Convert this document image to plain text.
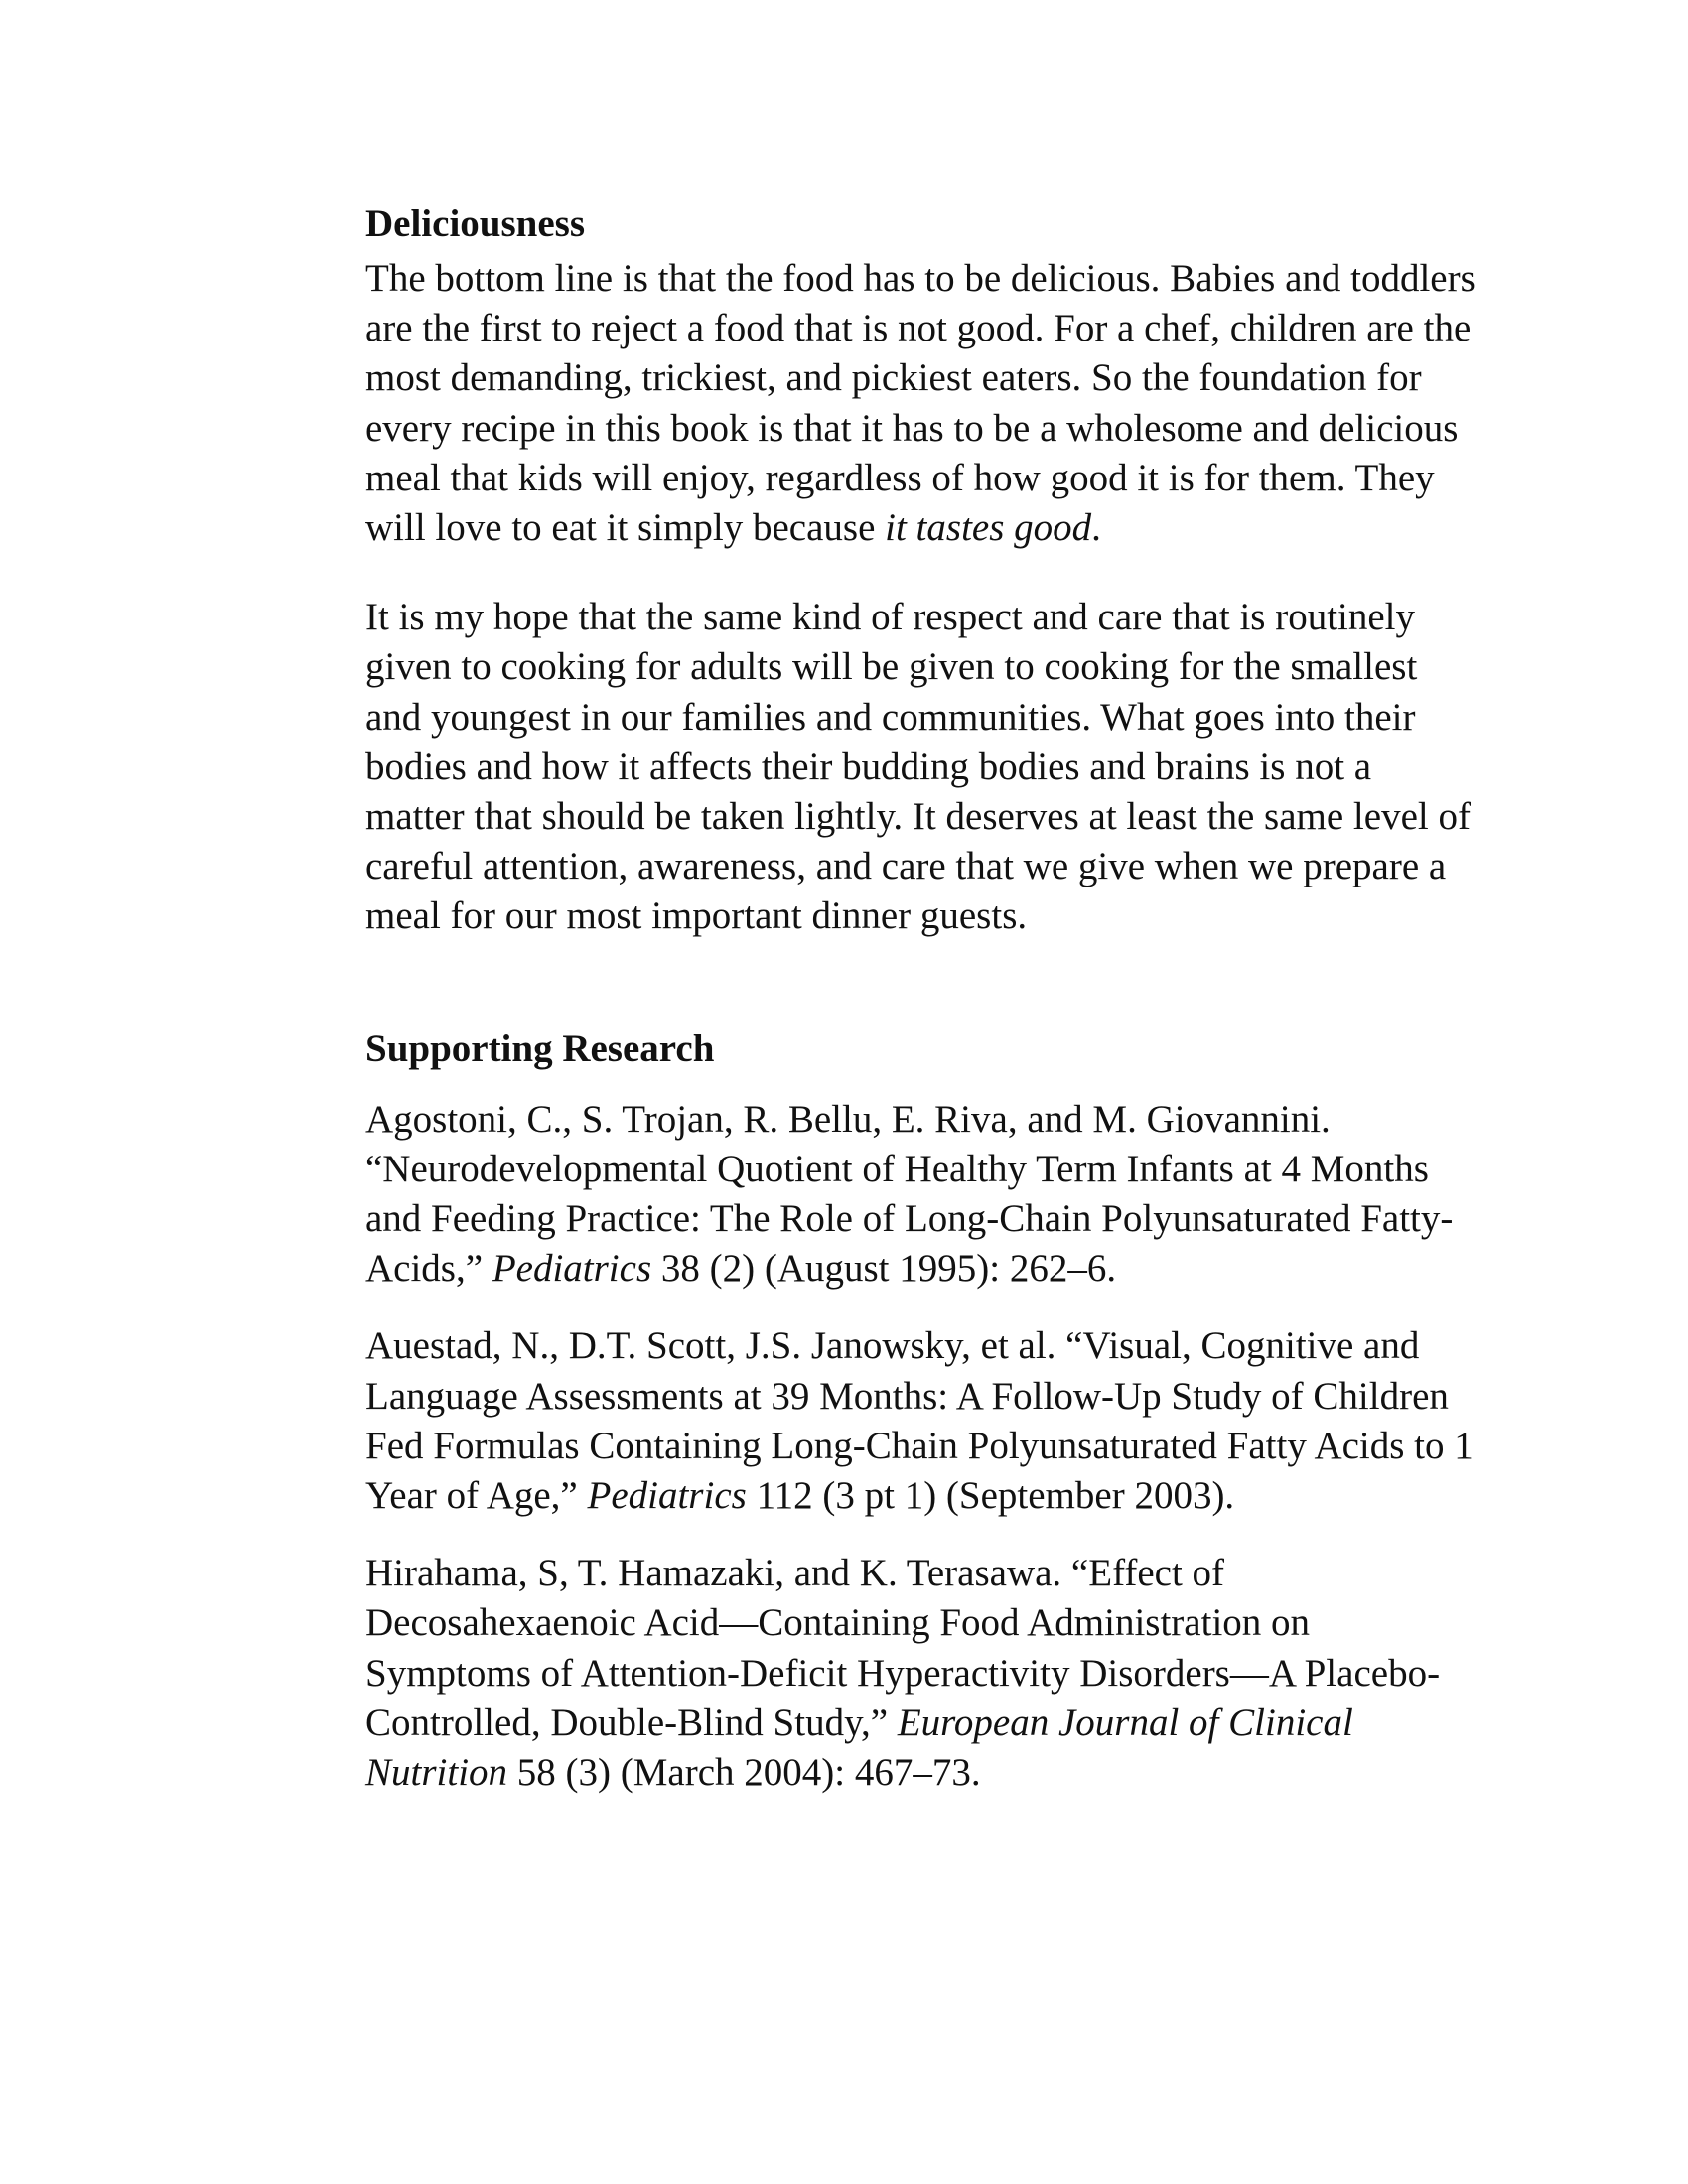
Deliciousness

The bottom line is that the food has to be delicious. Babies and toddlers are the first to reject a food that is not good. For a chef, children are the most demanding, trickiest, and pickiest eaters. So the foundation for every recipe in this book is that it has to be a wholesome and delicious meal that kids will enjoy, regardless of how good it is for them. They will love to eat it simply because it tastes good.

It is my hope that the same kind of respect and care that is routinely given to cooking for adults will be given to cooking for the smallest and youngest in our families and communities. What goes into their bodies and how it affects their budding bodies and brains is not a matter that should be taken lightly. It deserves at least the same level of careful attention, awareness, and care that we give when we prepare a meal for our most important dinner guests.

Supporting Research

Agostoni, C., S. Trojan, R. Bellu, E. Riva, and M. Giovannini. “Neurodevelopmental Quotient of Healthy Term Infants at 4 Months and Feeding Practice: The Role of Long-Chain Polyunsaturated Fatty-Acids,” Pediatrics 38 (2) (August 1995): 262–6.

Auestad, N., D.T. Scott, J.S. Janowsky, et al. “Visual, Cognitive and Language Assessments at 39 Months: A Follow-Up Study of Children Fed Formulas Containing Long-Chain Polyunsaturated Fatty Acids to 1 Year of Age,” Pediatrics 112 (3 pt 1) (September 2003).

Hirahama, S, T. Hamazaki, and K. Terasawa. “Effect of Decosahexaenoic Acid—Containing Food Administration on Symptoms of Attention-Deficit Hyperactivity Disorders—A Placebo-Controlled, Double-Blind Study,” European Journal of Clinical Nutrition 58 (3) (March 2004): 467–73.
